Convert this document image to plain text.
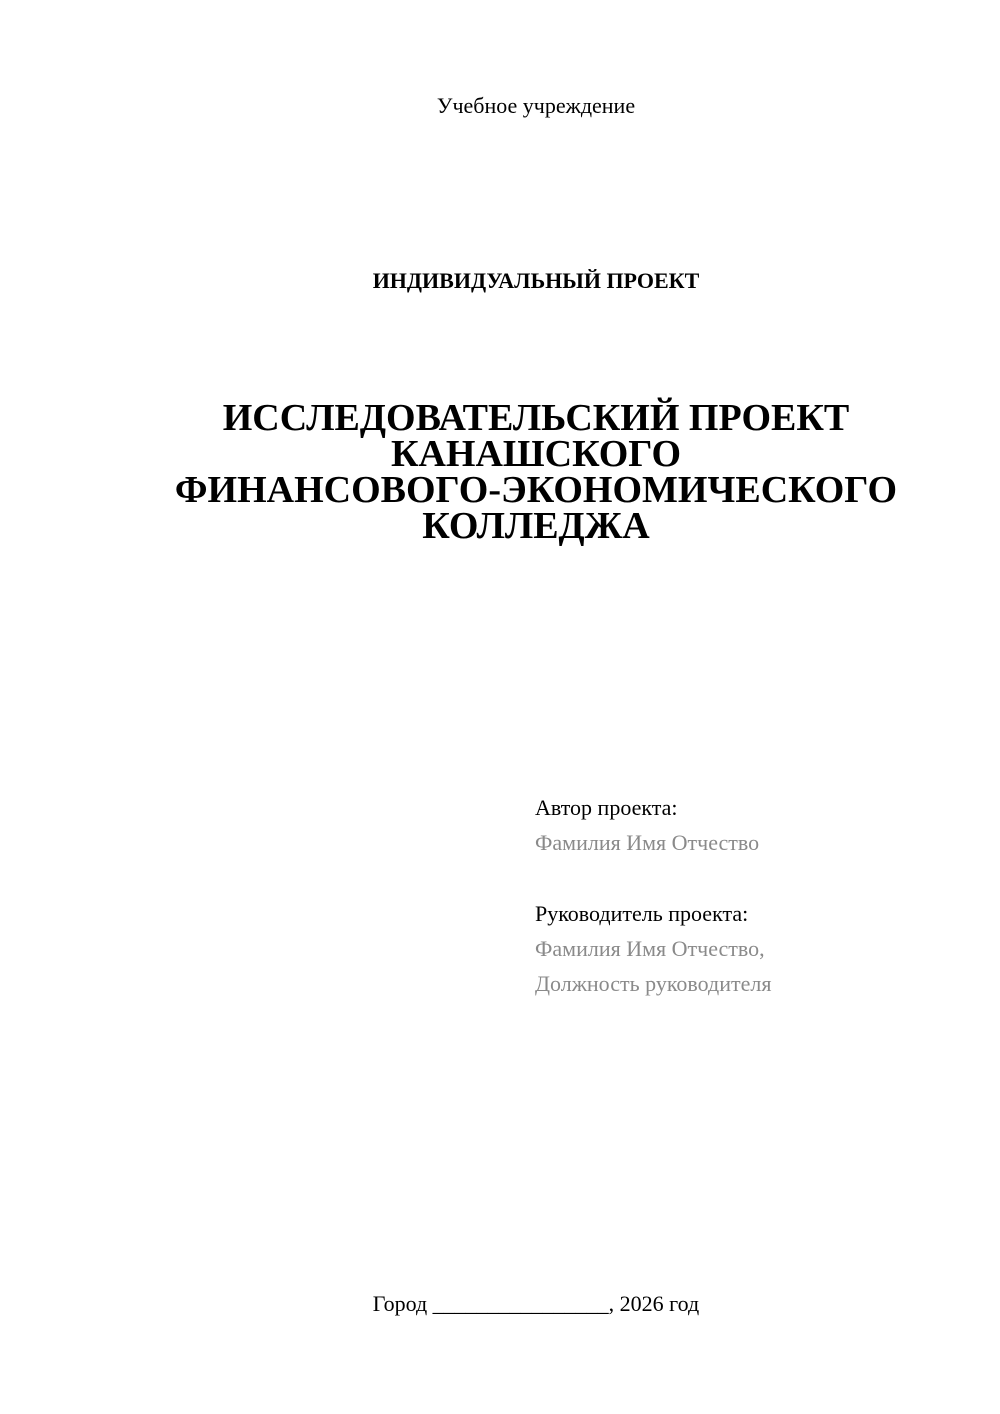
Учебное учреждение
ИНДИВИДУАЛЬНЫЙ ПРОЕКТ
ИССЛЕДОВАТЕЛЬСКИЙ ПРОЕКТ
КАНАШСКОГО
ФИНАНСОВОГО-ЭКОНОМИЧЕСКОГО
КОЛЛЕДЖА
Автор проекта:
Фамилия Имя Отчество
Руководитель проекта:
Фамилия Имя Отчество,
Должность руководителя
Город ________________, 2026 год
